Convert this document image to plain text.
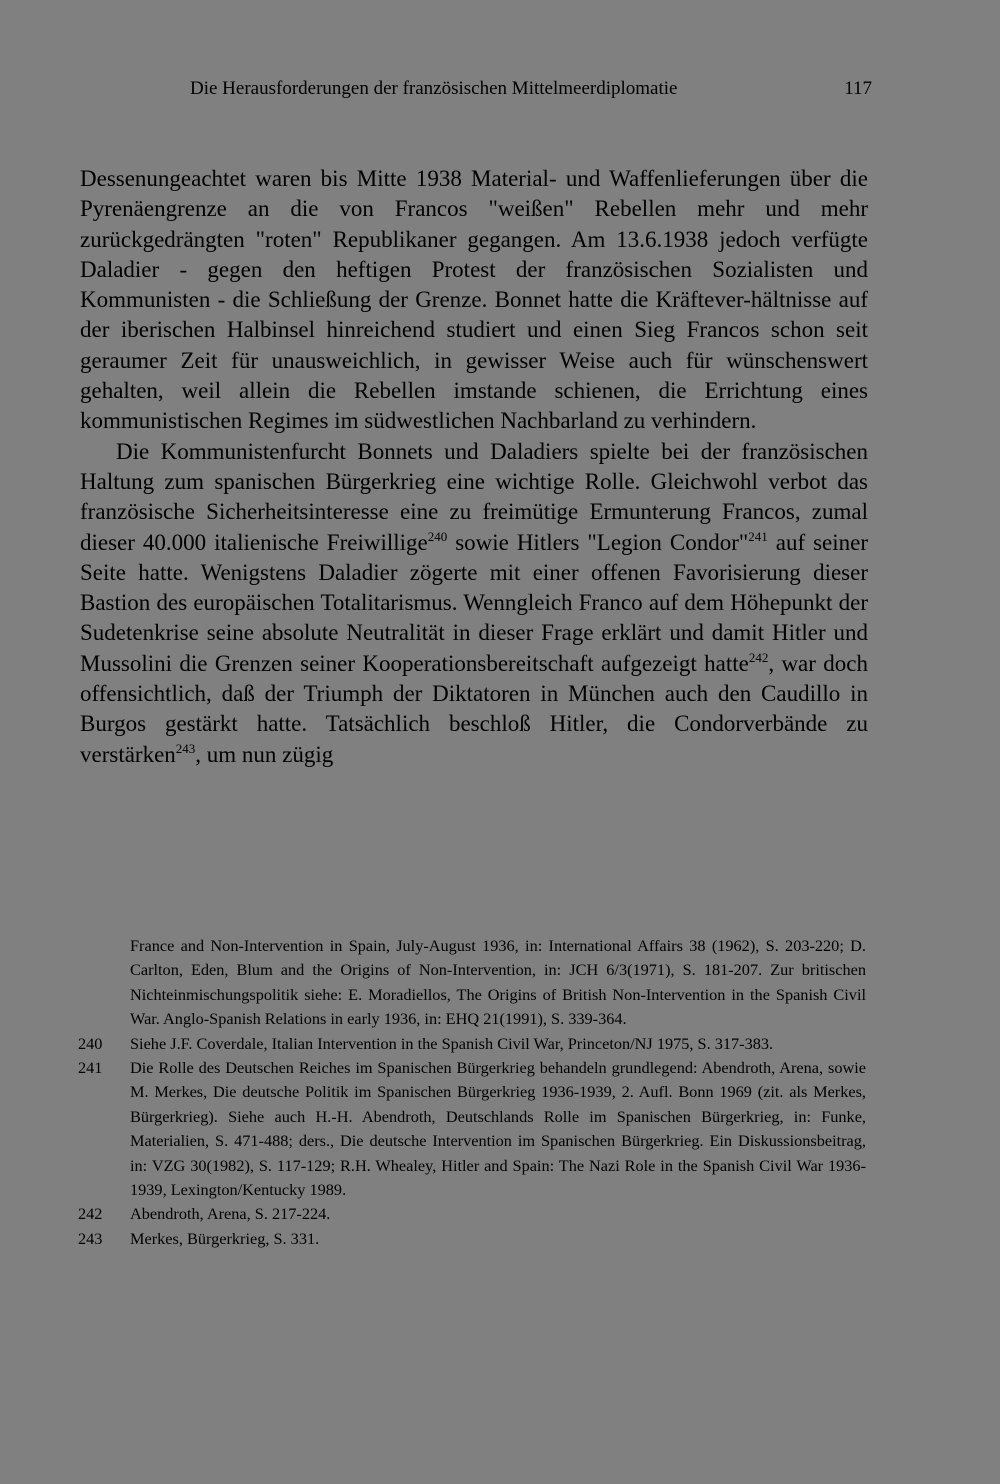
Die Herausforderungen der französischen Mittelmeerdiplomatie	117

Dessenungeachtet waren bis Mitte 1938 Material- und Waffenlieferungen über die Pyrenäengrenze an die von Francos "weißen" Rebellen mehr und mehr zurückgedrängten "roten" Republikaner gegangen. Am 13.6.1938 jedoch verfügte Daladier - gegen den heftigen Protest der französischen Sozialisten und Kommunisten - die Schließung der Grenze. Bonnet hatte die Kräftever-hältnisse auf der iberischen Halbinsel hinreichend studiert und einen Sieg Francos schon seit geraumer Zeit für unausweichlich, in gewisser Weise auch für wünschenswert gehalten, weil allein die Rebellen imstande schienen, die Errichtung eines kommunistischen Regimes im südwestlichen Nachbarland zu verhindern.

Die Kommunistenfurcht Bonnets und Daladiers spielte bei der französischen Haltung zum spanischen Bürgerkrieg eine wichtige Rolle. Gleichwohl verbot das französische Sicherheitsinteresse eine zu freimütige Ermunterung Francos, zumal dieser 40.000 italienische Freiwillige$^{240}$ sowie Hitlers "Legion Condor"$^{241}$ auf seiner Seite hatte. Wenigstens Daladier zögerte mit einer offenen Favorisierung dieser Bastion des europäischen Totalitarismus. Wenngleich Franco auf dem Höhepunkt der Sudetenkrise seine absolute Neutralität in dieser Frage erklärt und damit Hitler und Mussolini die Grenzen seiner Kooperationsbereitschaft aufgezeigt hatte$^{242}$, war doch offensichtlich, daß der Triumph der Diktatoren in München auch den Caudillo in Burgos gestärkt hatte. Tatsächlich beschloß Hitler, die Condorverbände zu verstärken$^{243}$, um nun zügig

France and Non-Intervention in Spain, July-August 1936, in: International Affairs 38 (1962), S. 203-220; D. Carlton, Eden, Blum and the Origins of Non-Intervention, in: JCH 6/3(1971), S. 181-207. Zur britischen Nichteinmischungspolitik siehe: E. Moradiellos, The Origins of British Non-Intervention in the Spanish Civil War. Anglo-Spanish Relations in early 1936, in: EHQ 21(1991), S. 339-364.
240	Siehe J.F. Coverdale, Italian Intervention in the Spanish Civil War, Princeton/NJ 1975, S. 317-383.
241	Die Rolle des Deutschen Reiches im Spanischen Bürgerkrieg behandeln grundlegend: Abendroth, Arena, sowie M. Merkes, Die deutsche Politik im Spanischen Bürgerkrieg 1936-1939, 2. Aufl. Bonn 1969 (zit. als Merkes, Bürgerkrieg). Siehe auch H.-H. Abendroth, Deutschlands Rolle im Spanischen Bürgerkrieg, in: Funke, Materialien, S. 471-488; ders., Die deutsche Intervention im Spanischen Bürgerkrieg. Ein Diskussionsbeitrag, in: VZG 30(1982), S. 117-129; R.H. Whealey, Hitler and Spain: The Nazi Role in the Spanish Civil War 1936-1939, Lexington/Kentucky 1989.
242	Abendroth, Arena, S. 217-224.
243	Merkes, Bürgerkrieg, S. 331.
